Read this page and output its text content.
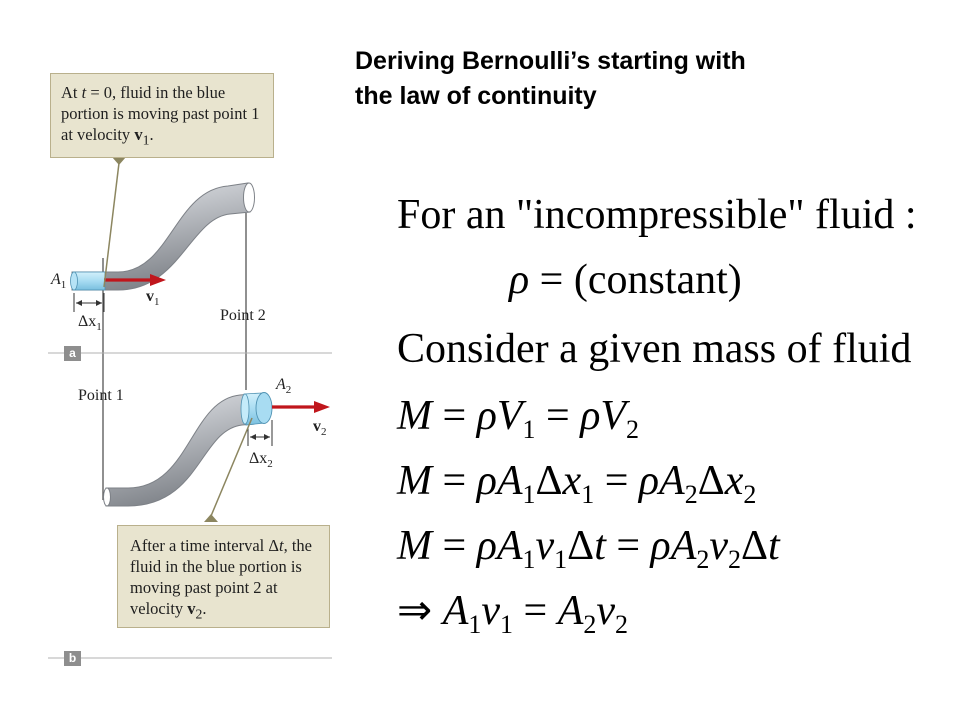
Deriving Bernoulli’s starting with
the law of continuity
At t = 0, fluid in the blue portion is moving past point 1 at velocity $v_1$.
After a time interval Δt, the fluid in the blue portion is moving past point 2 at velocity $v_2$.
$A_1$
$v_1$
$\Delta x_1$
Point 2
Point 1
$A_2$
$v_2$
$\Delta x_2$
a
b
For an "incompressible" fluid :
ρ = (constant)
Consider a given mass of fluid
$M = \rho V_1 = \rho V_2$
$M = \rho A_1\Delta x_1 = \rho A_2\Delta x_2$
$M = \rho A_1v_1\Delta t = \rho A_2v_2\Delta t$
⇒ $A_1v_1 = A_2v_2$
